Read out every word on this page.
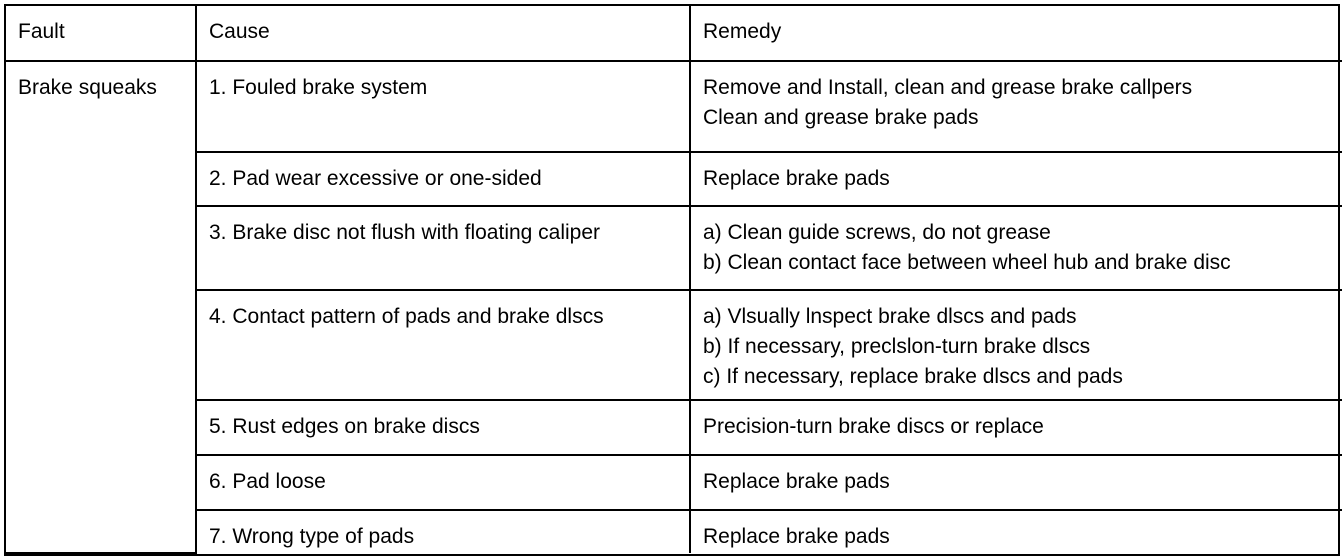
Fault	Cause	Remedy
Brake squeaks	1. Fouled brake system	Remove and Install, clean and grease brake callpers
Clean and grease brake pads

	2. Pad wear excessive or one-sided	Replace brake pads

	3. Brake disc not flush with floating caliper	a) Clean guide screws, do not grease
b) Clean contact face between wheel hub and brake disc

	4. Contact pattern of pads and brake dlscs	a) Vlsually lnspect brake dlscs and pads
b) If necessary, preclslon-turn brake dlscs
c) If necessary, replace brake dlscs and pads

	5. Rust edges on brake discs	Precision-turn brake discs or replace

	6. Pad loose	Replace brake pads

	7. Wrong type of pads	Replace brake pads
